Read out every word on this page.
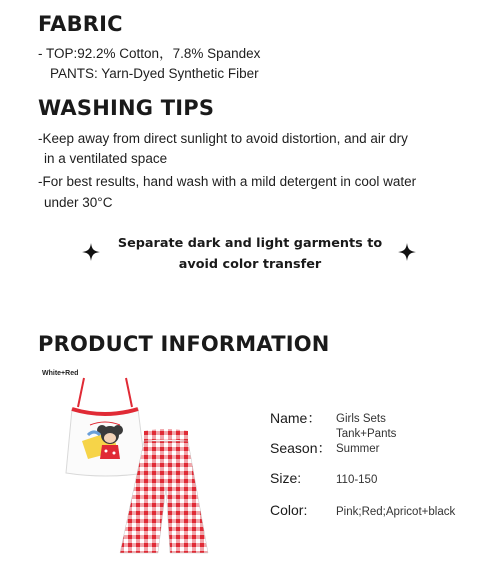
FABRIC

- TOP:92.2% Cotton，7.8% Spandex

PANTS: Yarn-Dyed Synthetic Fiber

WASHING TIPS

-Keep away from direct sunlight to avoid distortion, and air dry

in a ventilated space

-For best results, hand wash with a mild detergent in cool water

under 30°C

Separate dark and light garments to
avoid color transfer
PRODUCT INFORMATION
White+Red
Name： Girls Sets
Tank+Pants
Season： Summer
Size:	110-150
Color: Pink;Red;Apricot+black
